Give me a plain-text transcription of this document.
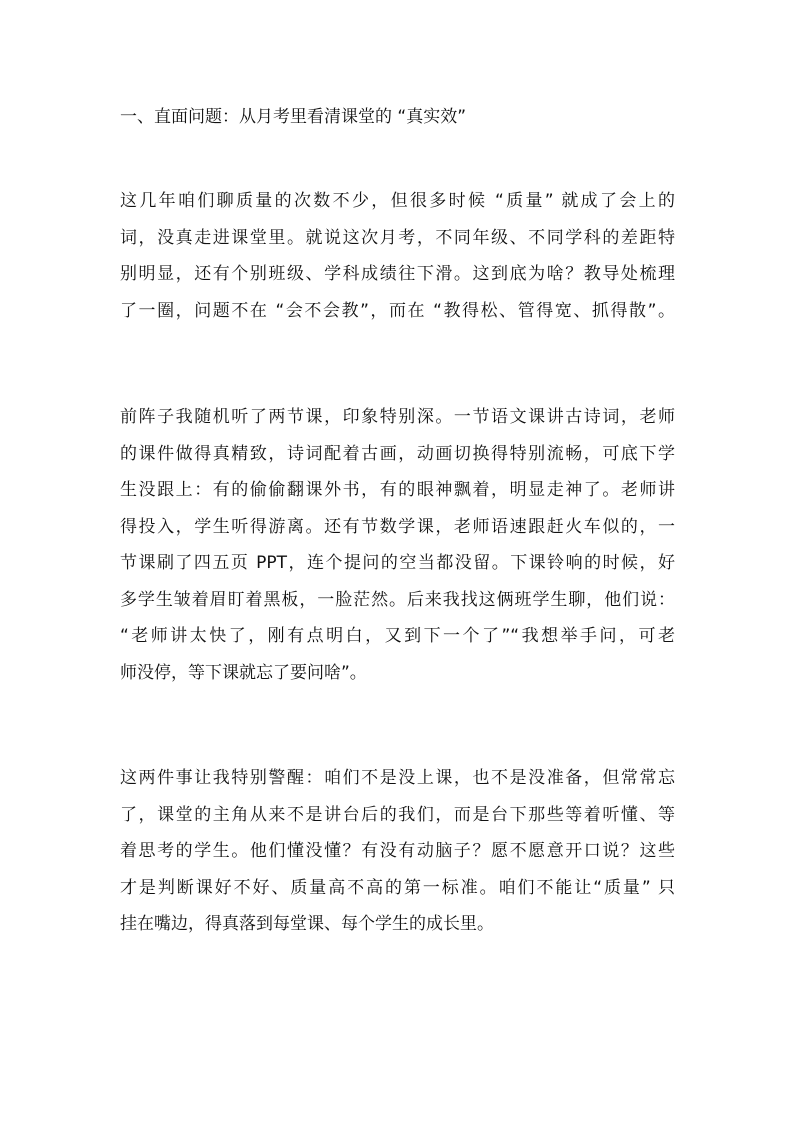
一、直面问题：从月考里看清课堂的 “真实效”
这几年咱们聊质量的次数不少，但很多时候 “质量” 就成了会上的
词，没真走进课堂里。就说这次月考，不同年级、不同学科的差距特
别明显，还有个别班级、学科成绩往下滑。这到底为啥？教导处梳理
了一圈，问题不在 “会不会教”，而在 “教得松、管得宽、抓得散”。
前阵子我随机听了两节课，印象特别深。一节语文课讲古诗词，老师
的课件做得真精致，诗词配着古画，动画切换得特别流畅，可底下学
生没跟上：有的偷偷翻课外书，有的眼神飘着，明显走神了。老师讲
得投入，学生听得游离。还有节数学课，老师语速跟赶火车似的，一
节课刷了四五页 PPT，连个提问的空当都没留。下课铃响的时候，好
多学生皱着眉盯着黑板，一脸茫然。后来我找这俩班学生聊，他们说：
“老师讲太快了，刚有点明白，又到下一个了”“我想举手问，可老
师没停，等下课就忘了要问啥”。
这两件事让我特别警醒：咱们不是没上课，也不是没准备，但常常忘
了，课堂的主角从来不是讲台后的我们，而是台下那些等着听懂、等
着思考的学生。他们懂没懂？有没有动脑子？愿不愿意开口说？这些
才是判断课好不好、质量高不高的第一标准。咱们不能让“质量” 只
挂在嘴边，得真落到每堂课、每个学生的成长里。
